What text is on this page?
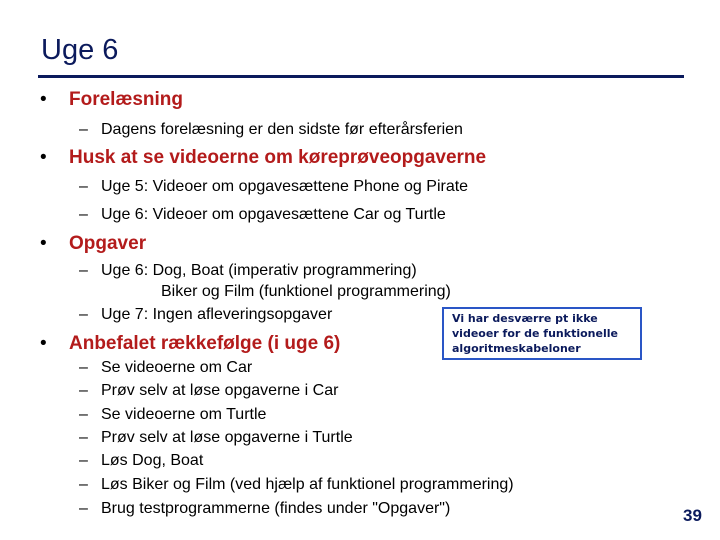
Uge 6
• Forelæsning
– Dagens forelæsning er den sidste før efterårsferien
• Husk at se videoerne om køreprøveopgaverne
– Uge 5: Videoer om opgavesættene Phone og Pirate
– Uge 6: Videoer om opgavesættene Car og Turtle
• Opgaver
– Uge 6: Dog, Boat (imperativ programmering)
Biker og Film (funktionel programmering)
– Uge 7: Ingen afleveringsopgaver	Vi har desværre pt ikke
videoer for de funktionelle
algoritmeskabeloner
• Anbefalet rækkefølge (i uge 6)
– Se videoerne om Car
– Prøv selv at løse opgaverne i Car
– Se videoerne om Turtle
– Prøv selv at løse opgaverne i Turtle
– Løs Dog, Boat
– Løs Biker og Film (ved hjælp af funktionel programmering)
– Brug testprogrammerne (findes under "Opgaver")	39
